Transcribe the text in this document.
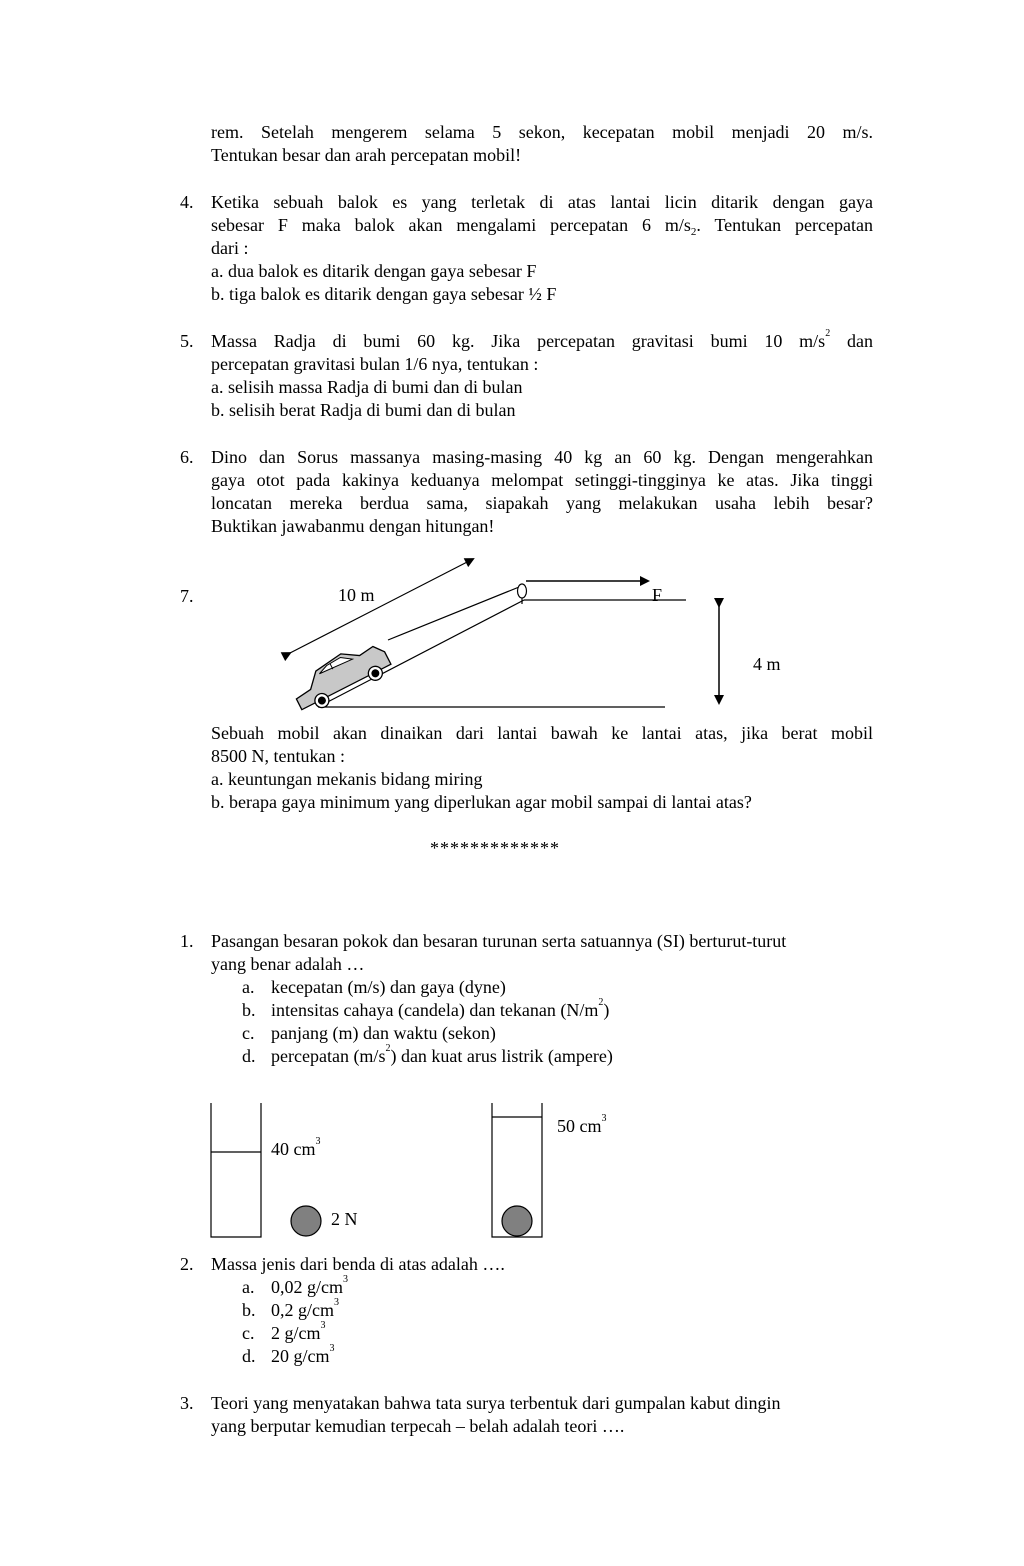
rem. Setelah mengerem selama 5 sekon, kecepatan mobil menjadi 20 m/s.
Tentukan besar dan arah percepatan mobil!
4. Ketika sebuah balok es yang terletak di atas lantai licin ditarik dengan gaya
sebesar F maka balok akan mengalami percepatan 6 $m/s_2$. Tentukan percepatan
dari :
a. dua balok es ditarik dengan gaya sebesar F
b. tiga balok es ditarik dengan gaya sebesar ½ F
5. Massa Radja di bumi 60 kg. Jika percepatan gravitasi bumi 10 $m/s^2$ dan
percepatan gravitasi bulan 1/6 nya, tentukan :
a. selisih massa Radja di bumi dan di bulan
b. selisih berat Radja di bumi dan di bulan
6. Dino dan Sorus massanya masing-masing 40 kg an 60 kg. Dengan mengerahkan
gaya otot pada kakinya keduanya melompat setinggi-tingginya ke atas. Jika tinggi
loncatan mereka berdua sama, siapakah yang melakukan usaha lebih besar?
Buktikan jawabanmu dengan hitungan!
7.	10 m	F
4 m
Sebuah mobil akan dinaikan dari lantai bawah ke lantai atas, jika berat mobil
8500 N, tentukan :
a. keuntungan mekanis bidang miring
b. berapa gaya minimum yang diperlukan agar mobil sampai di lantai atas?
*************
1. Pasangan besaran pokok dan besaran turunan serta satuannya (SI) berturut-turut
yang benar adalah …
a. kecepatan (m/s) dan gaya (dyne)
b. intensitas cahaya (candela) dan tekanan $(N/m^2)$
c. panjang (m) dan waktu (sekon)
d. percepatan $(m/s^2)$ dan kuat arus listrik (ampere)
40 $cm^3$
2 N
50 $cm^3$
2. Massa jenis dari benda di atas adalah ….
a. 0,02 $g/cm^3$
b. 0,2 $g/cm^3$
c. 2 $g/cm^3$
d. 20 $g/cm^3$
3. Teori yang menyatakan bahwa tata surya terbentuk dari gumpalan kabut dingin
yang berputar kemudian terpecah – belah adalah teori ….
